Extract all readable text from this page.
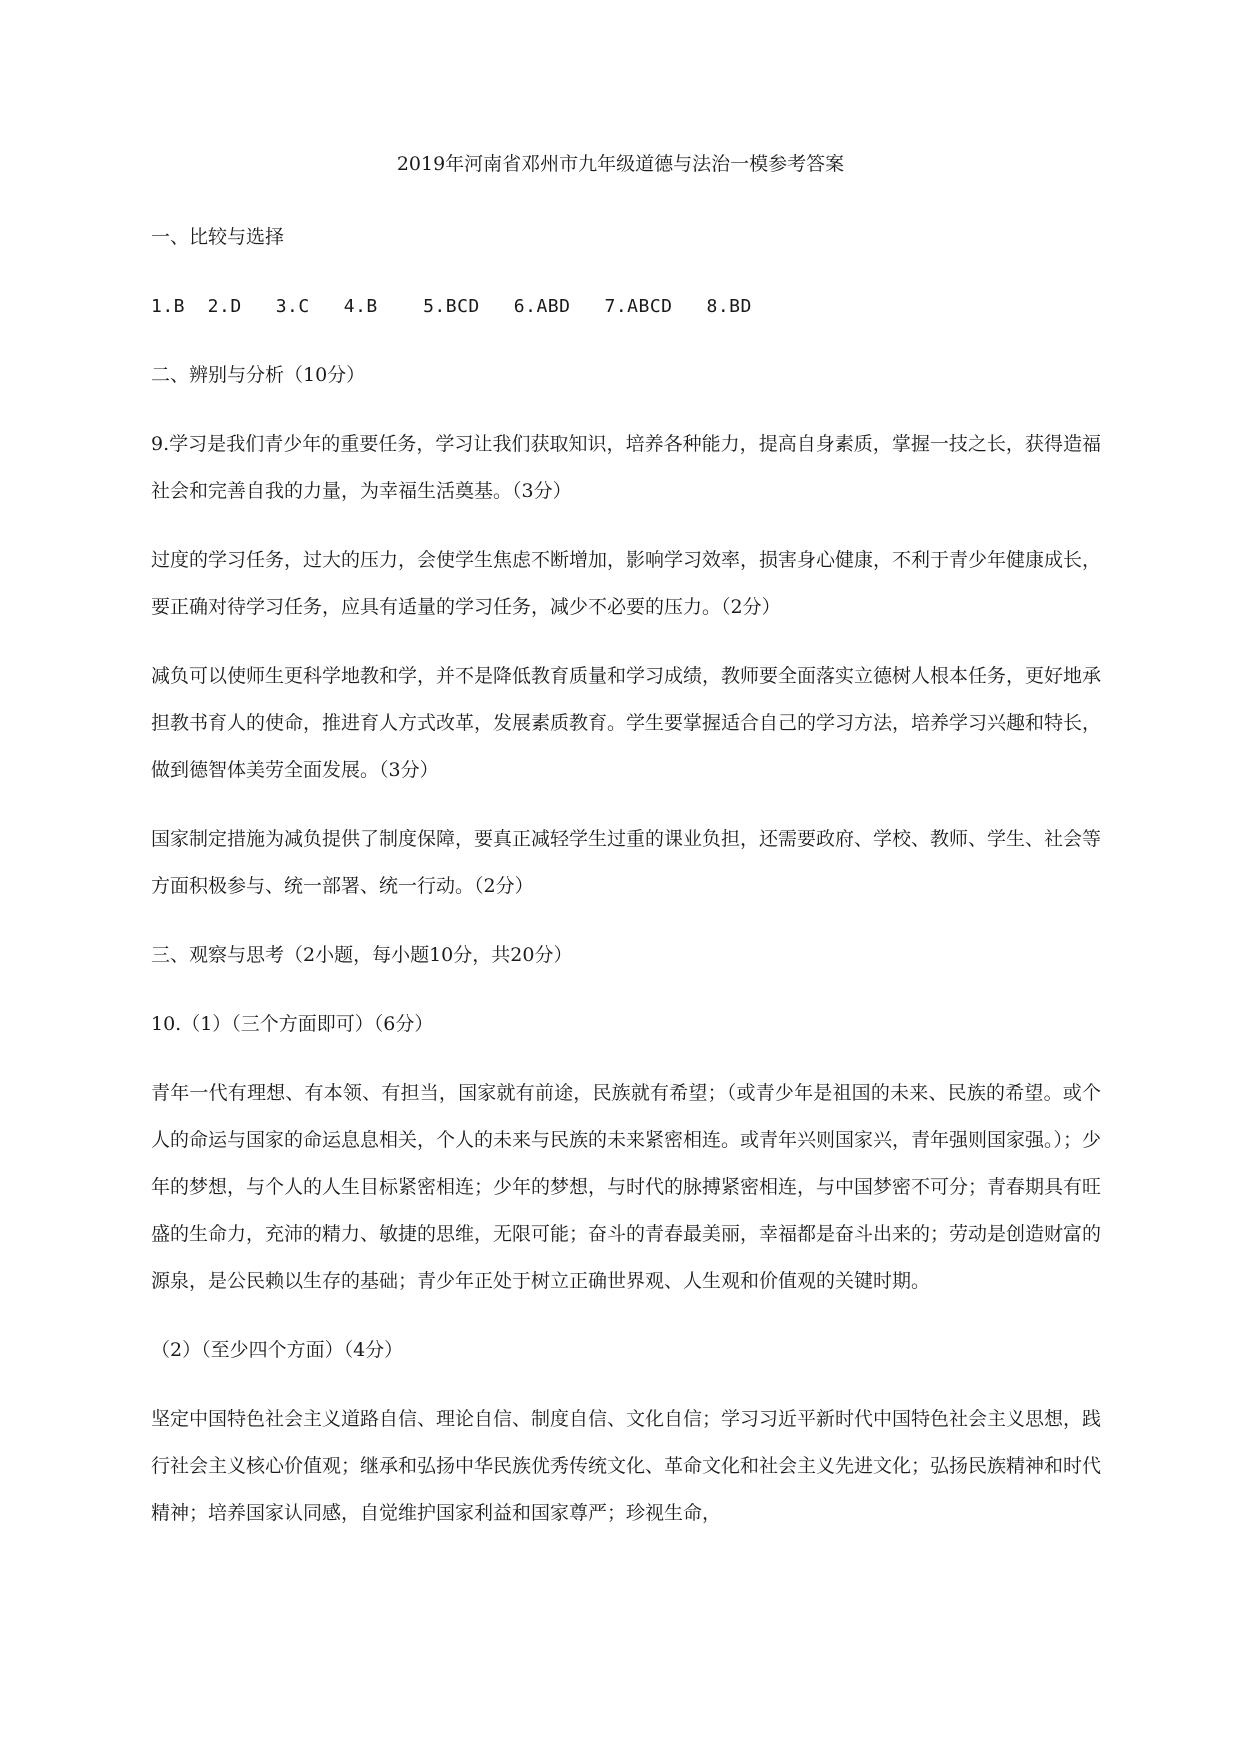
2019年河南省邓州市九年级道德与法治一模参考答案

一、比较与选择

1.B  2.D   3.C   4.B    5.BCD   6.ABD   7.ABCD   8.BD

二、辨别与分析（10分）

9.学习是我们青少年的重要任务，学习让我们获取知识，培养各种能力，提高自身素质，掌握一技之长，获得造福社会和完善自我的力量，为幸福生活奠基。（3分）

过度的学习任务，过大的压力，会使学生焦虑不断增加，影响学习效率，损害身心健康，不利于青少年健康成长，要正确对待学习任务，应具有适量的学习任务，减少不必要的压力。（2分）

减负可以使师生更科学地教和学，并不是降低教育质量和学习成绩，教师要全面落实立德树人根本任务，更好地承担教书育人的使命，推进育人方式改革，发展素质教育。学生要掌握适合自己的学习方法，培养学习兴趣和特长，做到德智体美劳全面发展。（3分）

国家制定措施为减负提供了制度保障，要真正减轻学生过重的课业负担，还需要政府、学校、教师、学生、社会等方面积极参与、统一部署、统一行动。（2分）

三、观察与思考（2小题，每小题10分，共20分）

10.（1）（三个方面即可）（6分）

青年一代有理想、有本领、有担当，国家就有前途，民族就有希望；（或青少年是祖国的未来、民族的希望。或个人的命运与国家的命运息息相关，个人的未来与民族的未来紧密相连。或青年兴则国家兴，青年强则国家强。）；少年的梦想，与个人的人生目标紧密相连；少年的梦想，与时代的脉搏紧密相连，与中国梦密不可分；青春期具有旺盛的生命力，充沛的精力、敏捷的思维，无限可能；奋斗的青春最美丽，幸福都是奋斗出来的；劳动是创造财富的源泉，是公民赖以生存的基础；青少年正处于树立正确世界观、人生观和价值观的关键时期。

（2）（至少四个方面）（4分）

坚定中国特色社会主义道路自信、理论自信、制度自信、文化自信；学习习近平新时代中国特色社会主义思想，践行社会主义核心价值观；继承和弘扬中华民族优秀传统文化、革命文化和社会主义先进文化；弘扬民族精神和时代精神；培养国家认同感，自觉维护国家利益和国家尊严；珍视生命，
